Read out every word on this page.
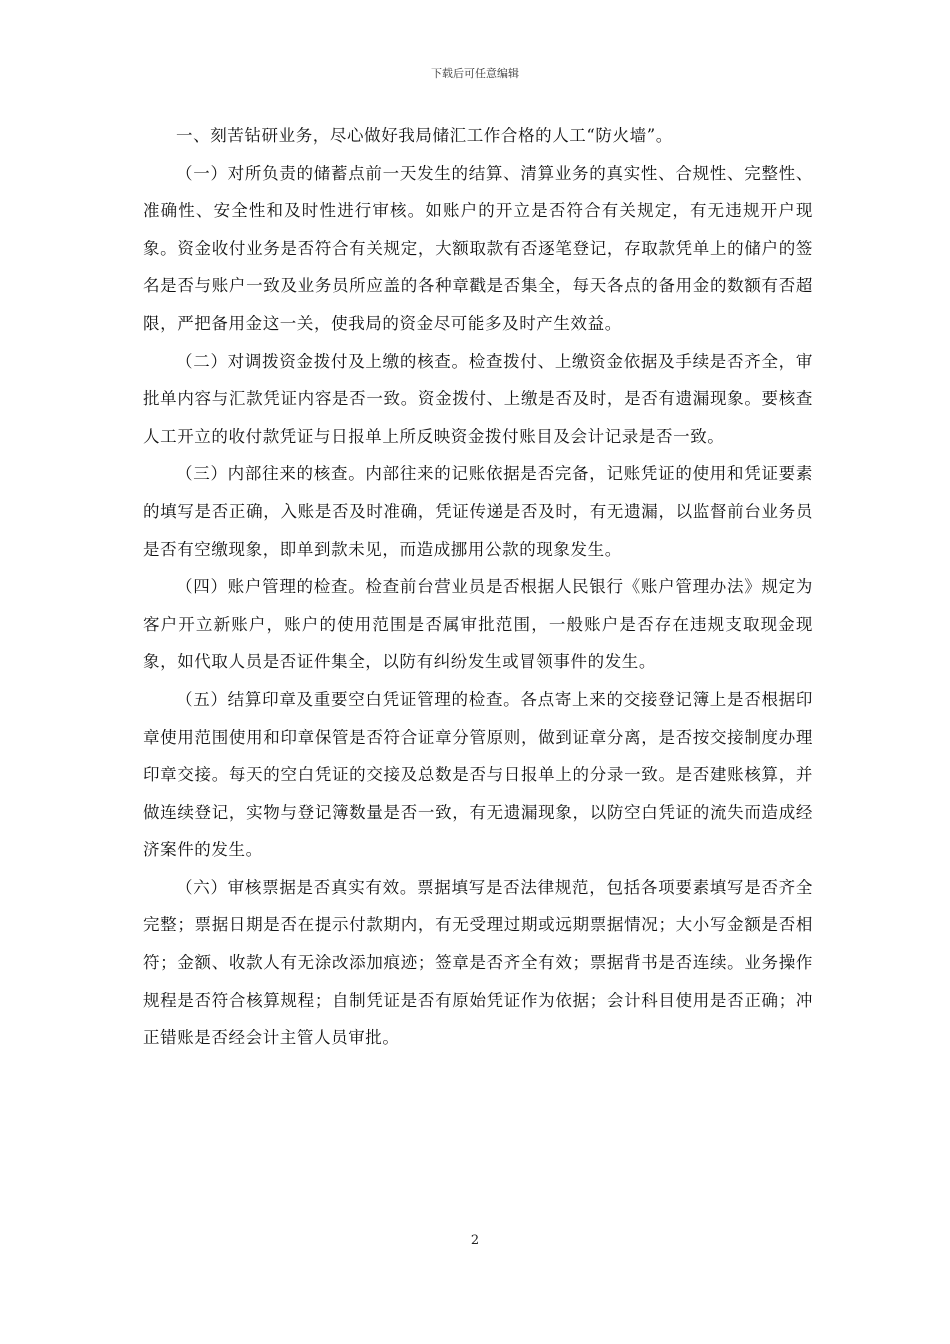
下载后可任意编辑

一、刻苦钻研业务，尽心做好我局储汇工作合格的人工“防火墙”。

（一）对所负责的储蓄点前一天发生的结算、清算业务的真实性、合规性、完整性、准确性、安全性和及时性进行审核。如账户的开立是否符合有关规定，有无违规开户现象。资金收付业务是否符合有关规定，大额取款有否逐笔登记，存取款凭单上的储户的签名是否与账户一致及业务员所应盖的各种章戳是否集全，每天各点的备用金的数额有否超限，严把备用金这一关，使我局的资金尽可能多及时产生效益。

（二）对调拨资金拨付及上缴的核查。检查拨付、上缴资金依据及手续是否齐全，审批单内容与汇款凭证内容是否一致。资金拨付、上缴是否及时，是否有遗漏现象。要核查人工开立的收付款凭证与日报单上所反映资金拨付账目及会计记录是否一致。

（三）内部往来的核查。内部往来的记账依据是否完备，记账凭证的使用和凭证要素的填写是否正确，入账是否及时准确，凭证传递是否及时，有无遗漏，以监督前台业务员是否有空缴现象，即单到款未见，而造成挪用公款的现象发生。

（四）账户管理的检查。检查前台营业员是否根据人民银行《账户管理办法》规定为客户开立新账户，账户的使用范围是否属审批范围，一般账户是否存在违规支取现金现象，如代取人员是否证件集全，以防有纠纷发生或冒领事件的发生。

（五）结算印章及重要空白凭证管理的检查。各点寄上来的交接登记簿上是否根据印章使用范围使用和印章保管是否符合证章分管原则，做到证章分离，是否按交接制度办理印章交接。每天的空白凭证的交接及总数是否与日报单上的分录一致。是否建账核算，并做连续登记，实物与登记簿数量是否一致，有无遗漏现象，以防空白凭证的流失而造成经济案件的发生。

（六）审核票据是否真实有效。票据填写是否法律规范，包括各项要素填写是否齐全完整；票据日期是否在提示付款期内，有无受理过期或远期票据情况；大小写金额是否相符；金额、收款人有无涂改添加痕迹；签章是否齐全有效；票据背书是否连续。业务操作规程是否符合核算规程；自制凭证是否有原始凭证作为依据；会计科目使用是否正确；冲正错账是否经会计主管人员审批。

2
